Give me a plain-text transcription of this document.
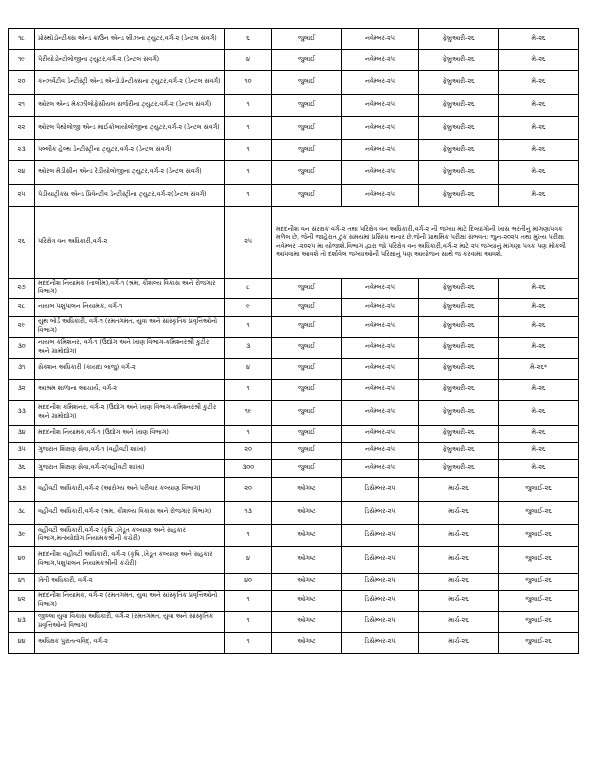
૧૮	પ્રોસ્થોડોન્ટીક્સ એન્ડ ક્રાઉન એન્ડ બ્રીઝના ટ્યુટર,વર્ગ-૨ (ડેન્ટલ સંવર્ગ)	૬	જુલાઈ	નવેમ્બર-૨૫	ફેબ્રુઆરી-૨૬	મે-૨૬
૧૯	પેરીયોડોન્ટોલોજીના ટ્યુટર,વર્ગ-૨ (ડેન્ટલ સંવર્ગ)	૪	જુલાઈ	નવેમ્બર-૨૫	ફેબ્રુઆરી-૨૬	મે-૨૬
૨૦	કન્ઝર્વેટીવ ડેન્ટીસ્ટ્રી એન્ડ એન્ડોડોન્ટીક્સના ટ્યુટર,વર્ગ-૨ (ડેન્ટલ સંવર્ગ)	૧૦	જુલાઈ	નવેમ્બર-૨૫	ફેબ્રુઆરી-૨૬	મે-૨૬
૨૧	ઓરલ એન્ડ મેક્ઝીલોફેસીયલ સર્જરીના ટ્યુટર,વર્ગ-૨ (ડેન્ટલ સંવર્ગ)	૧	જુલાઈ	નવેમ્બર-૨૫	ફેબ્રુઆરી-૨૬	મે-૨૬
૨૨	ઓરલ પેથોલોજી એન્ડ માઈક્રોબાયોલોજીના ટ્યુટર,વર્ગ-૨ (ડેન્ટલ સંવર્ગ)	૧	જુલાઈ	નવેમ્બર-૨૫	ફેબ્રુઆરી-૨૬	મે-૨૬
૨૩	પબ્લીક હેલ્થ ડેન્ટીસ્ટ્રીના ટ્યુટર,વર્ગ-૨ (ડેન્ટલ સંવર્ગ)	૧	જુલાઈ	નવેમ્બર-૨૫	ફેબ્રુઆરી-૨૬	મે-૨૬
૨૪	ઓરલ મેડીસીન એન્ડ રેડીયોલોજીના ટ્યુટર,વર્ગ-૨ (ડેન્ટલ સંવર્ગ)	૧	જુલાઈ	નવેમ્બર-૨૫	ફેબ્રુઆરી-૨૬	મે-૨૬
૨૫	પેડીયાટ્રીક્સ એન્ડ પ્રિવેન્ટીવ ડેન્ટીસ્ટ્રીના ટ્યુટર,વર્ગ-૨(ડેન્ટલ સંવર્ગ)	૧	જુલાઈ	નવેમ્બર-૨૫	ફેબ્રુઆરી-૨૬	મે-૨૬
૨૬	પરિક્ષેત્ર વન અધિકારી,વર્ગ-૨	૨૫	મદદનીશ વન સંરક્ષક વર્ગ-૨ તથા પરિક્ષેત્ર વન અધિકારી,વર્ગ-૨ ની જગ્યા માટે દિવ્યાંગોની ખાસ ભરતીનું માંગણાપત્રક મળેલ છે, જેની જાહેરાત ટુંક સમયમાં પ્રસિધ્ધ થનાર છે.જેની પ્રાથમિક પરીક્ષા સંભવત: જુન-૨૦૨૫ તથા મુખ્ય પરીક્ષા નવેમ્બર -૨૦૨૫ મા યોજાશે.વિભાગ દ્વારા જો પરિક્ષેત્ર વન અધિકારી,વર્ગ-૨ માટે ૨૫ જગ્યાનું માંગણા પત્રક પણ મોકલી આપવામા આવશે તો દર્શાવેલ જગ્યાઓની પરિક્ષાનું પણ આયોજન સાથે જ કરવામા આવશે.			
૨૭	મદદનીશ નિયામક (તાલીમ),વર્ગ-૧ (શ્રમ, કૌશલ્ય વિકાસ અને રોજગાર વિભાગ)	૮	જુલાઈ	નવેમ્બર-૨૫	ફેબ્રુઆરી-૨૬	મે-૨૬
૨૮	નાયબ પશુપાલન નિયામક, વર્ગ-૧	૯	જુલાઈ	નવેમ્બર-૨૫	ફેબ્રુઆરી-૨૬	મે-૨૬
૨૯	યુથ બોર્ડ અધિકારી, વર્ગ-૧ (રમતગમત, યુવા અને સાંસ્કૃતિક પ્રવૃત્તિઓનો વિભાગ)	૧	જુલાઈ	નવેમ્બર-૨૫	ફેબ્રુઆરી-૨૬	મે-૨૬
૩૦	નાયબ કમિશનર, વર્ગ-૧ (ઉદ્યોગ અને ખાણ વિભાગ-કમિશ્નરશ્રી કુટીર અને ગ્રામોદ્યોગ)	૩	જુલાઈ	નવેમ્બર-૨૫	ફેબ્રુઆરી-૨૬	મે-૨૬
૩૧	સેક્શન અધિકારી (કાયદા બાજુ) વર્ગ-૨	૪	જુલાઈ	નવેમ્બર-૨૫	ફેબ્રુઆરી-૨૬	મે-૨૬*
૩૨	આશ્રમ શાળાના આચાર્ય, વર્ગ-૨	૧	જુલાઈ	નવેમ્બર-૨૫	ફેબ્રુઆરી-૨૬	મે-૨૬
૩૩	મદદનીશ કમિશનર, વર્ગ-૨ (ઉદ્યોગ અને ખાણ વિભાગ-કમિશ્નરશ્રી કુટીર અને ગ્રામોદ્યોગ)	૧૯	જુલાઈ	નવેમ્બર-૨૫	ફેબ્રુઆરી-૨૬	મે-૨૬
૩૪	મદદનીશ નિયામક,વર્ગ-૧ (ઉદ્યોગ અને ખાણ વિભાગ)	૧	જુલાઈ	નવેમ્બર-૨૫	ફેબ્રુઆરી-૨૬	મે-૨૬
૩૫	ગુજરાત શિક્ષણ સેવા,વર્ગ-૧ (વહીવટી શાખા)	૨૦	જુલાઈ	નવેમ્બર-૨૫	ફેબ્રુઆરી-૨૬	મે-૨૬
૩૬	ગુજરાત શિક્ષણ સેવા,વર્ગ-૨(વહીવટી શાખા)	૩૦૦	જુલાઈ	નવેમ્બર-૨૫	ફેબ્રુઆરી-૨૬	મે-૨૬
૩૭	વહીવટી અધિકારી,વર્ગ-૨ (આરોગ્ય અને પરીવાર કલ્યાણ વિભાગ)	૨૦	ઓગષ્ટ	ડિસેમ્બર-૨૫	માર્ચ-૨૬	જુલાઈ-૨૬
૩૮	વહીવટી અધિકારી,વર્ગ-૨ (શ્રમ, કૌશલ્ય વિકાસ અને રોજગાર વિભાગ)	૧૩	ઓગષ્ટ	ડિસેમ્બર-૨૫	માર્ચ-૨૬	જુલાઈ-૨૬
૩૯	વહીવટી અધિકારી,વર્ગ-૨ (કૃષિ ,ખેડૂત કલ્યાણ અને સહકાર વિભાગ,મત્સ્યોદ્યોગ નિયામકશ્રીની કચેરી)	૧	ઓગષ્ટ	ડિસેમ્બર-૨૫	માર્ચ-૨૬	જુલાઈ-૨૬
૪૦	મદદનીશ વહીવટી અધિકારી, વર્ગ-૨ (કૃષિ ,ખેડૂત કલ્યાણ અને સહકાર વિભાગ,પશુપાલન નિયામકશ્રીની કચેરી)	૪	ઓગષ્ટ	ડિસેમ્બર-૨૫	માર્ચ-૨૬	જુલાઈ-૨૬
૪૧	ખેતી અધિકારી, વર્ગ-૨	૪૦	ઓગષ્ટ	ડિસેમ્બર-૨૫	માર્ચ-૨૬	જુલાઈ-૨૬
૪૨	મદદનીશ નિયામક, વર્ગ-૨ (રમતગમત, યુવા અને સાંસ્કૃતિક પ્રવૃત્તિઓનો વિભાગ)	૧	ઓગષ્ટ	ડિસેમ્બર-૨૫	માર્ચ-૨૬	જુલાઈ-૨૬
૪૩	જીલ્લા યુવા વિકાસ અધિકારી, વર્ગ-૨ (રમતગમત, યુવા અને સાંસ્કૃતિક પ્રવૃત્તિઓનો વિભાગ)	૧	ઓગષ્ટ	ડિસેમ્બર-૨૫	માર્ચ-૨૬	જુલાઈ-૨૬
૪૪	અધિક્ષક પુરાતત્વવિદ્, વર્ગ-૨	૧	ઓગષ્ટ	ડિસેમ્બર-૨૫	માર્ચ-૨૬	જુલાઈ-૨૬
